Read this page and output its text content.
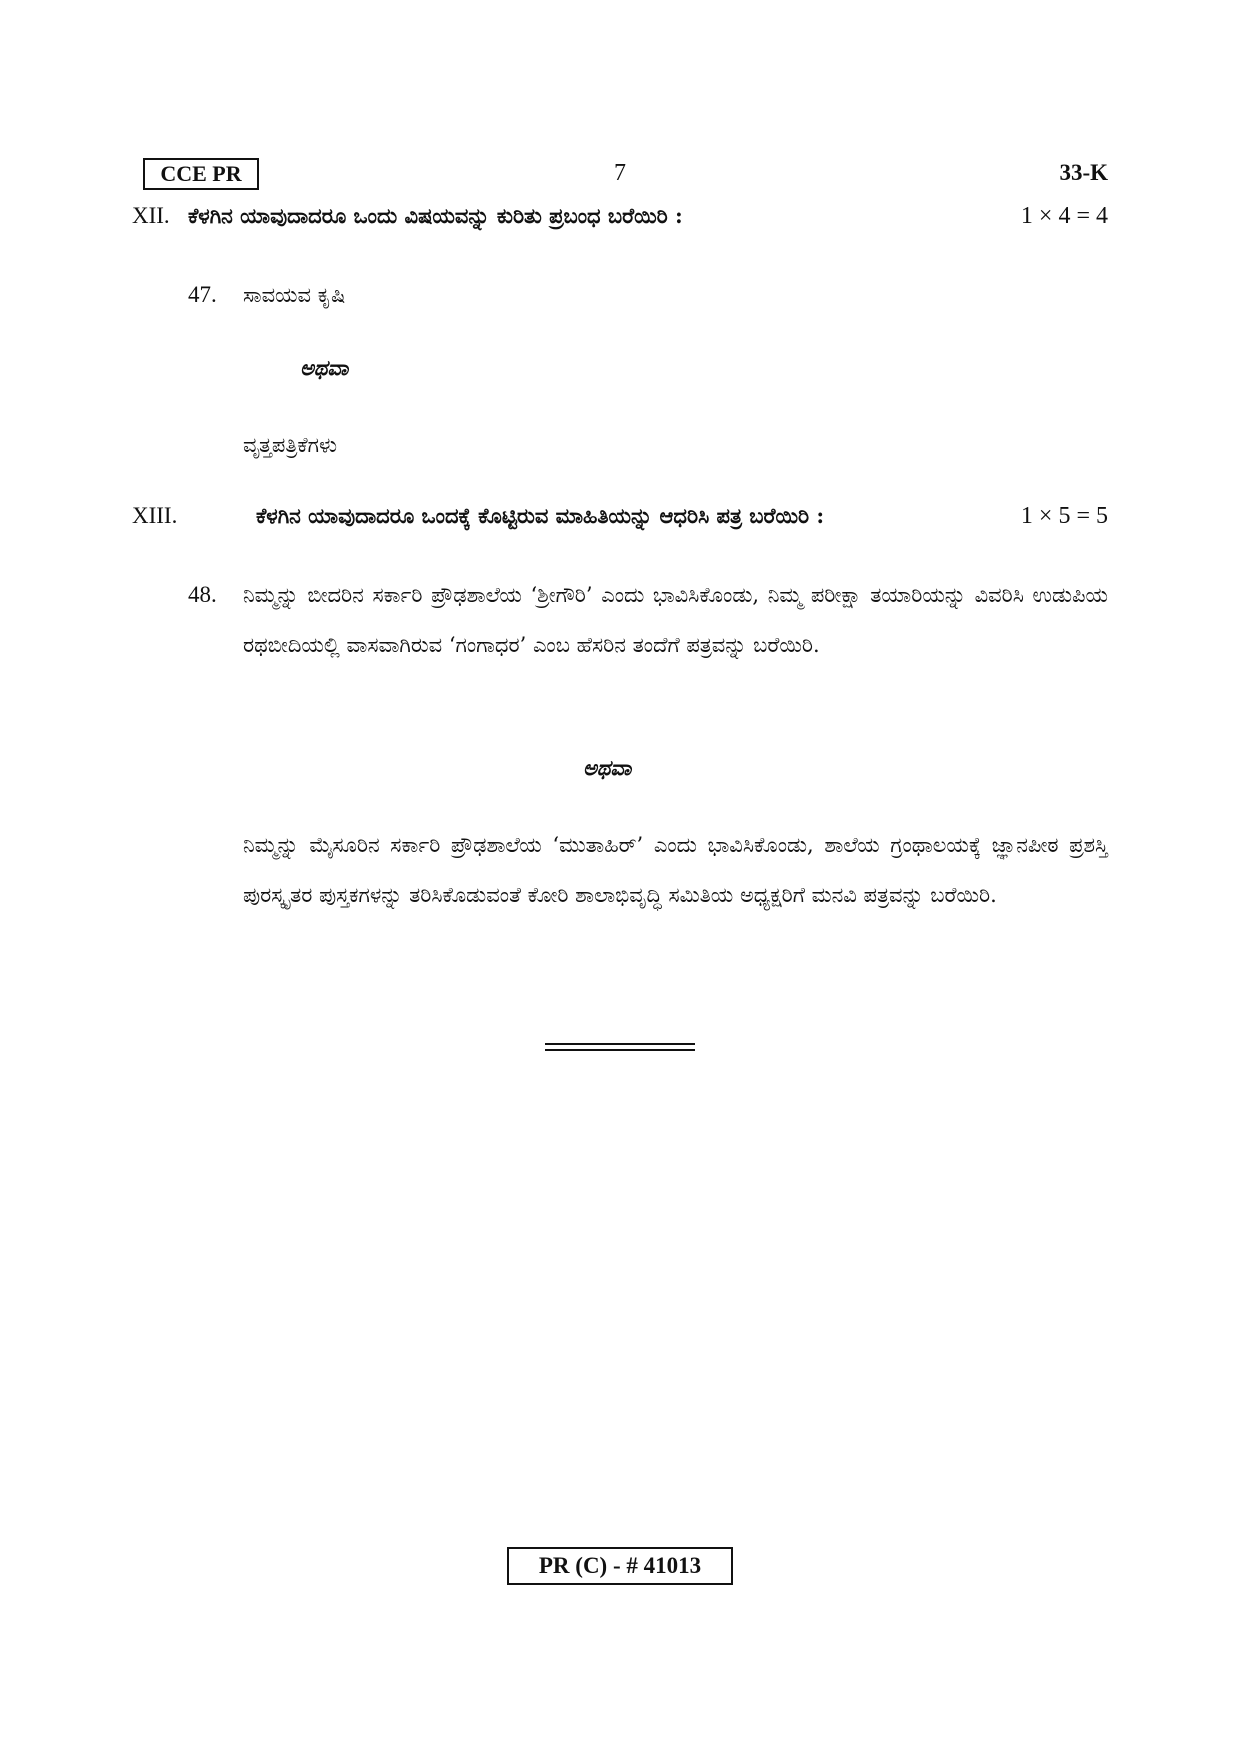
CCE PR	7	33-K
XII. ಕೆಳಗಿನ ಯಾವುದಾದರೂ ಒಂದು ವಿಷಯವನ್ನು ಕುರಿತು ಪ್ರಬಂಧ ಬರೆಯಿರಿ :	1 × 4 = 4
47. ಸಾವಯವ ಕೃಷಿ
ಅಥವಾ
ವೃತ್ತಪತ್ರಿಕೆಗಳು
XIII.	ಕೆಳಗಿನ ಯಾವುದಾದರೂ ಒಂದಕ್ಕೆ ಕೊಟ್ಟಿರುವ ಮಾಹಿತಿಯನ್ನು ಆಧರಿಸಿ ಪತ್ರ ಬರೆಯಿರಿ :	1 × 5 = 5
48. ನಿಮ್ಮನ್ನು ಬೀದರಿನ ಸರ್ಕಾರಿ ಪ್ರೌಢಶಾಲೆಯ ‘ಶ್ರೀಗೌರಿ’ ಎಂದು ಭಾವಿಸಿಕೊಂಡು, ನಿಮ್ಮ ಪರೀಕ್ಷಾ ತಯಾರಿಯನ್ನು ವಿವರಿಸಿ ಉಡುಪಿಯ ರಥಬೀದಿಯಲ್ಲಿ ವಾಸವಾಗಿರುವ ‘ಗಂಗಾಧರ’ ಎಂಬ ಹೆಸರಿನ ತಂದೆಗೆ ಪತ್ರವನ್ನು ಬರೆಯಿರಿ.
ಅಥವಾ
ನಿಮ್ಮನ್ನು ಮೈಸೂರಿನ ಸರ್ಕಾರಿ ಪ್ರೌಢಶಾಲೆಯ ‘ಮುತಾಹಿರ್’ ಎಂದು ಭಾವಿಸಿಕೊಂಡು, ಶಾಲೆಯ ಗ್ರಂಥಾಲಯಕ್ಕೆ ಜ್ಞಾನಪೀಠ ಪ್ರಶಸ್ತಿ ಪುರಸ್ಕೃತರ ಪುಸ್ತಕಗಳನ್ನು ತರಿಸಿಕೊಡುವಂತೆ ಕೋರಿ ಶಾಲಾಭಿವೃದ್ಧಿ ಸಮಿತಿಯ ಅಧ್ಯಕ್ಷರಿಗೆ ಮನವಿ ಪತ್ರವನ್ನು ಬರೆಯಿರಿ.
PR (C) - # 41013
